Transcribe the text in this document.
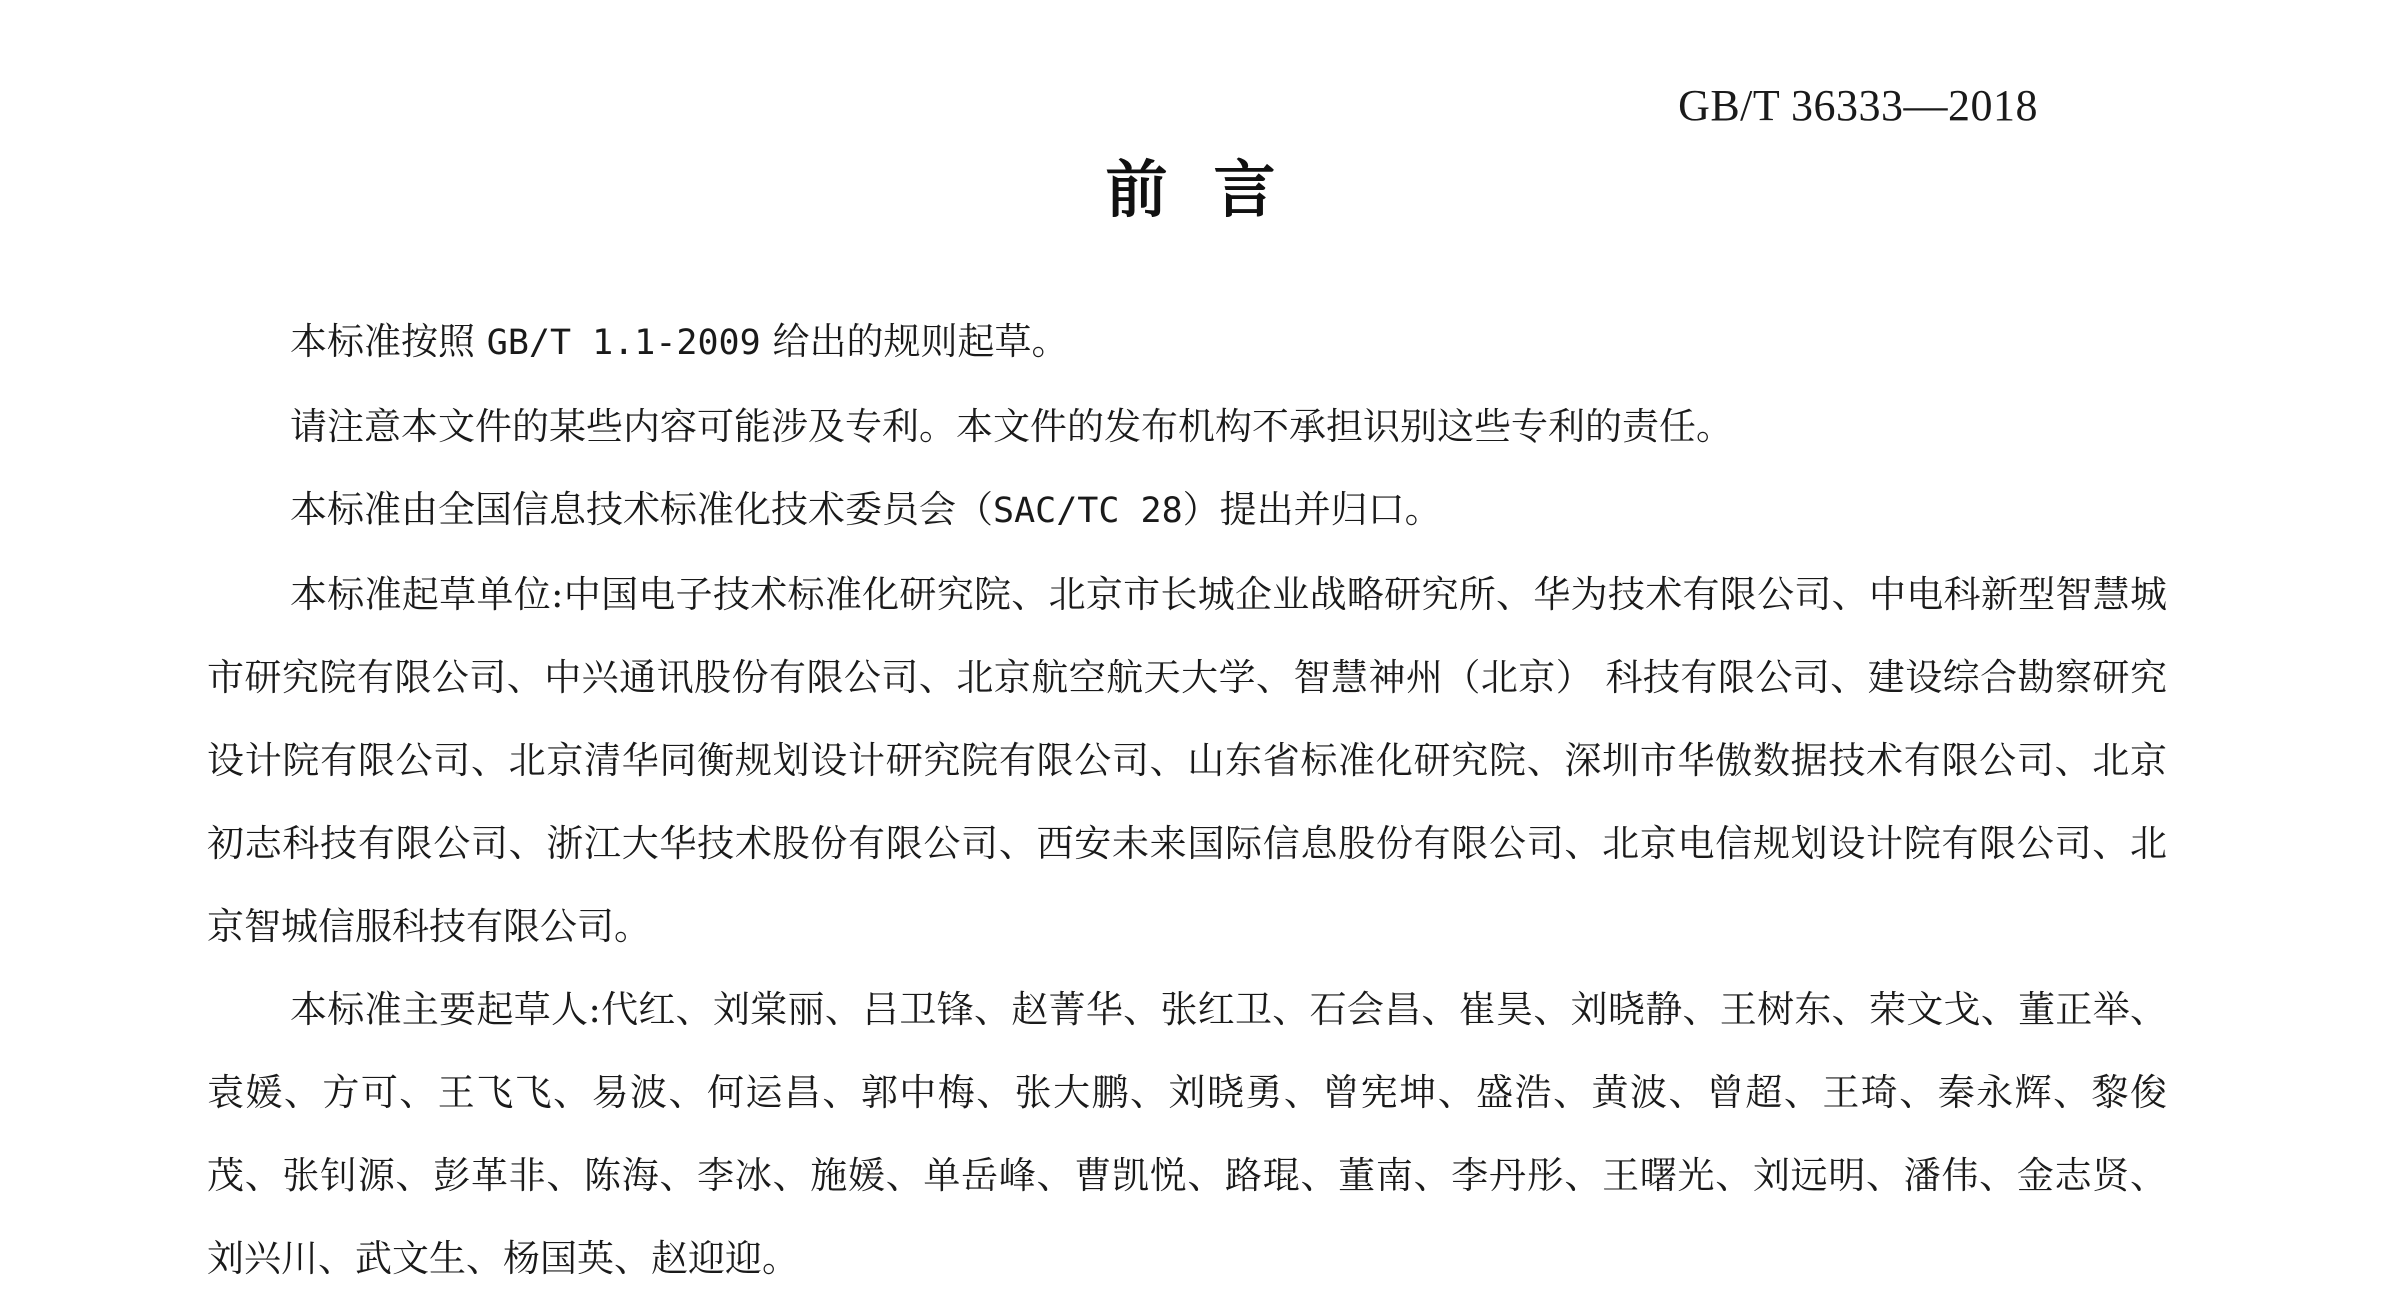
GB/T 36333—2018
前言

本标准按照 GB/T 1.1-2009 给出的规则起草。

请注意本文件的某些内容可能涉及专利。本文件的发布机构不承担识别这些专利的责任。

本标准由全国信息技术标准化技术委员会（SAC/TC 28）提出并归口。

本标准起草单位:中国电子技术标准化研究院、北京市长城企业战略研究所、华为技术有限公司、中电科新型智慧城市研究院有限公司、中兴通讯股份有限公司、北京航空航天大学、智慧神州（北京） 科技有限公司、建设综合勘察研究设计院有限公司、北京清华同衡规划设计研究院有限公司、山东省标准化研究院、深圳市华傲数据技术有限公司、北京初志科技有限公司、浙江大华技术股份有限公司、西安未来国际信息股份有限公司、北京电信规划设计院有限公司、北京智城信服科技有限公司。

本标准主要起草人:代红、刘棠丽、吕卫锋、赵菁华、张红卫、石会昌、崔昊、刘晓静、王树东、荣文戈、董正举、袁媛、方可、王飞飞、易波、何运昌、郭中梅、张大鹏、刘晓勇、曾宪坤、盛浩、黄波、曾超、王琦、秦永辉、黎俊茂、张钊源、彭革非、陈海、李冰、施媛、单岳峰、曹凯悦、路琨、董南、李丹彤、王曙光、刘远明、潘伟、金志贤、刘兴川、武文生、杨国英、赵迎迎。
